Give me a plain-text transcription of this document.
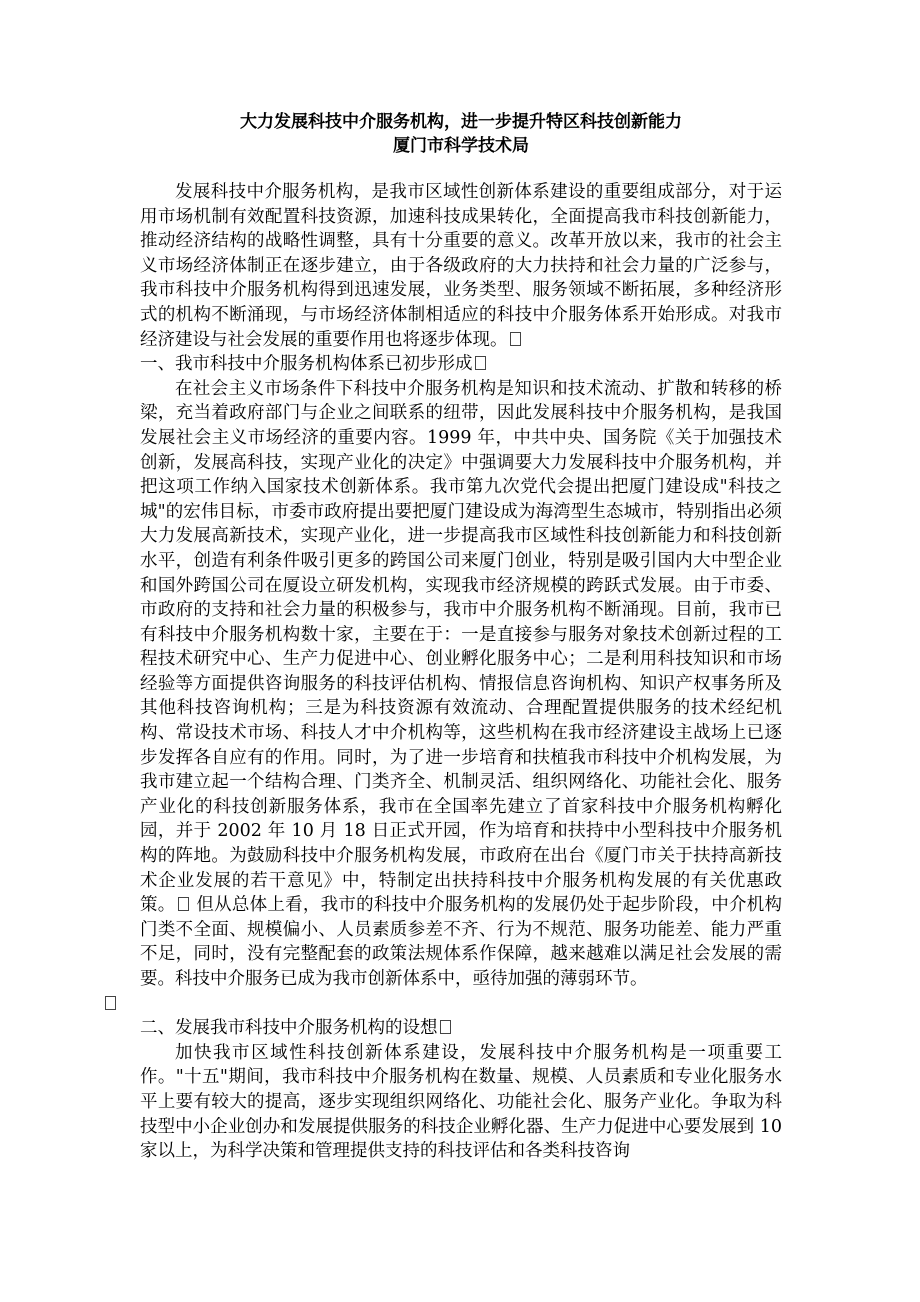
大力发展科技中介服务机构，进一步提升特区科技创新能力

厦门市科学技术局

发展科技中介服务机构，是我市区域性创新体系建设的重要组成部分，对于运用市场机制有效配置科技资源，加速科技成果转化，全面提高我市科技创新能力，推动经济结构的战略性调整，具有十分重要的意义。改革开放以来，我市的社会主义市场经济体制正在逐步建立，由于各级政府的大力扶持和社会力量的广泛参与，我市科技中介服务机构得到迅速发展，业务类型、服务领域不断拓展，多种经济形式的机构不断涌现，与市场经济体制相适应的科技中介服务体系开始形成。对我市经济建设与社会发展的重要作用也将逐步体现。

一、我市科技中介服务机构体系已初步形成

在社会主义市场条件下科技中介服务机构是知识和技术流动、扩散和转移的桥梁，充当着政府部门与企业之间联系的纽带，因此发展科技中介服务机构，是我国发展社会主义市场经济的重要内容。1999 年，中共中央、国务院《关于加强技术创新，发展高科技，实现产业化的决定》中强调要大力发展科技中介服务机构，并把这项工作纳入国家技术创新体系。我市第九次党代会提出把厦门建设成"科技之城"的宏伟目标，市委市政府提出要把厦门建设成为海湾型生态城市，特别指出必须大力发展高新技术，实现产业化，进一步提高我市区域性科技创新能力和科技创新水平，创造有利条件吸引更多的跨国公司来厦门创业，特别是吸引国内大中型企业和国外跨国公司在厦设立研发机构，实现我市经济规模的跨跃式发展。由于市委、市政府的支持和社会力量的积极参与，我市中介服务机构不断涌现。目前，我市已有科技中介服务机构数十家，主要在于：一是直接参与服务对象技术创新过程的工程技术研究中心、生产力促进中心、创业孵化服务中心；二是利用科技知识和市场经验等方面提供咨询服务的科技评估机构、情报信息咨询机构、知识产权事务所及其他科技咨询机构；三是为科技资源有效流动、合理配置提供服务的技术经纪机构、常设技术市场、科技人才中介机构等，这些机构在我市经济建设主战场上已逐步发挥各自应有的作用。同时，为了进一步培育和扶植我市科技中介机构发展，为我市建立起一个结构合理、门类齐全、机制灵活、组织网络化、功能社会化、服务产业化的科技创新服务体系，我市在全国率先建立了首家科技中介服务机构孵化园，并于 2002 年 10 月 18 日正式开园，作为培育和扶持中小型科技中介服务机构的阵地。为鼓励科技中介服务机构发展，市政府在出台《厦门市关于扶持高新技术企业发展的若干意见》中，特制定出扶持科技中介服务机构发展的有关优惠政策。 但从总体上看，我市的科技中介服务机构的发展仍处于起步阶段，中介机构门类不全面、规模偏小、人员素质参差不齐、行为不规范、服务功能差、能力严重不足，同时，没有完整配套的政策法规体系作保障，越来越难以满足社会发展的需要。科技中介服务已成为我市创新体系中，亟待加强的薄弱环节。

二、发展我市科技中介服务机构的设想

加快我市区域性科技创新体系建设，发展科技中介服务机构是一项重要工作。"十五"期间，我市科技中介服务机构在数量、规模、人员素质和专业化服务水平上要有较大的提高，逐步实现组织网络化、功能社会化、服务产业化。争取为科技型中小企业创办和发展提供服务的科技企业孵化器、生产力促进中心要发展到 10 家以上，为科学决策和管理提供支持的科技评估和各类科技咨询
